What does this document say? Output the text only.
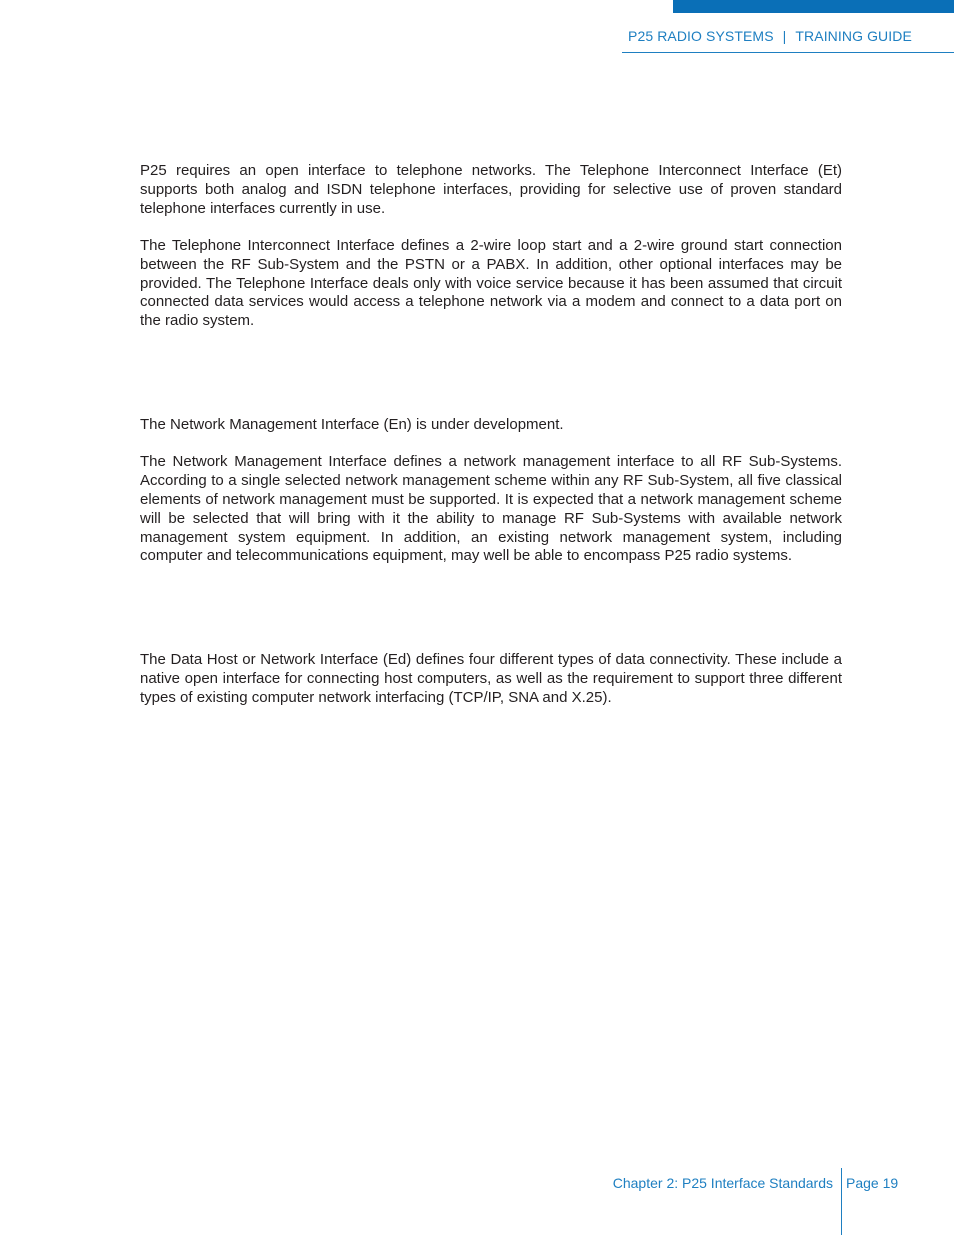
P25 RADIO SYSTEMS | TRAINING GUIDE

P25 requires an open interface to telephone networks. The Telephone Interconnect Interface (Et) supports both analog and ISDN telephone interfaces, providing for selective use of proven standard telephone interfaces currently in use.

The Telephone Interconnect Interface defines a 2-wire loop start and a 2-wire ground start connection between the RF Sub-System and the PSTN or a PABX. In addition, other optional interfaces may be provided. The Telephone Interface deals only with voice service because it has been assumed that circuit connected data services would access a telephone network via a modem and connect to a data port on the radio system.

The Network Management Interface (En) is under development.

The Network Management Interface defines a network management interface to all RF Sub-Systems. According to a single selected network management scheme within any RF Sub-System, all five classical elements of network management must be supported. It is expected that a network management scheme will be selected that will bring with it the ability to manage RF Sub-Systems with available network management system equipment. In addition, an existing network management system, including computer and telecommunications equipment, may well be able to encompass P25 radio systems.

The Data Host or Network Interface (Ed) defines four different types of data connectivity. These include a native open interface for connecting host computers, as well as the requirement to support three different types of existing computer network interfacing (TCP/IP, SNA and X.25).

Chapter 2: P25 Interface Standards Page 19
